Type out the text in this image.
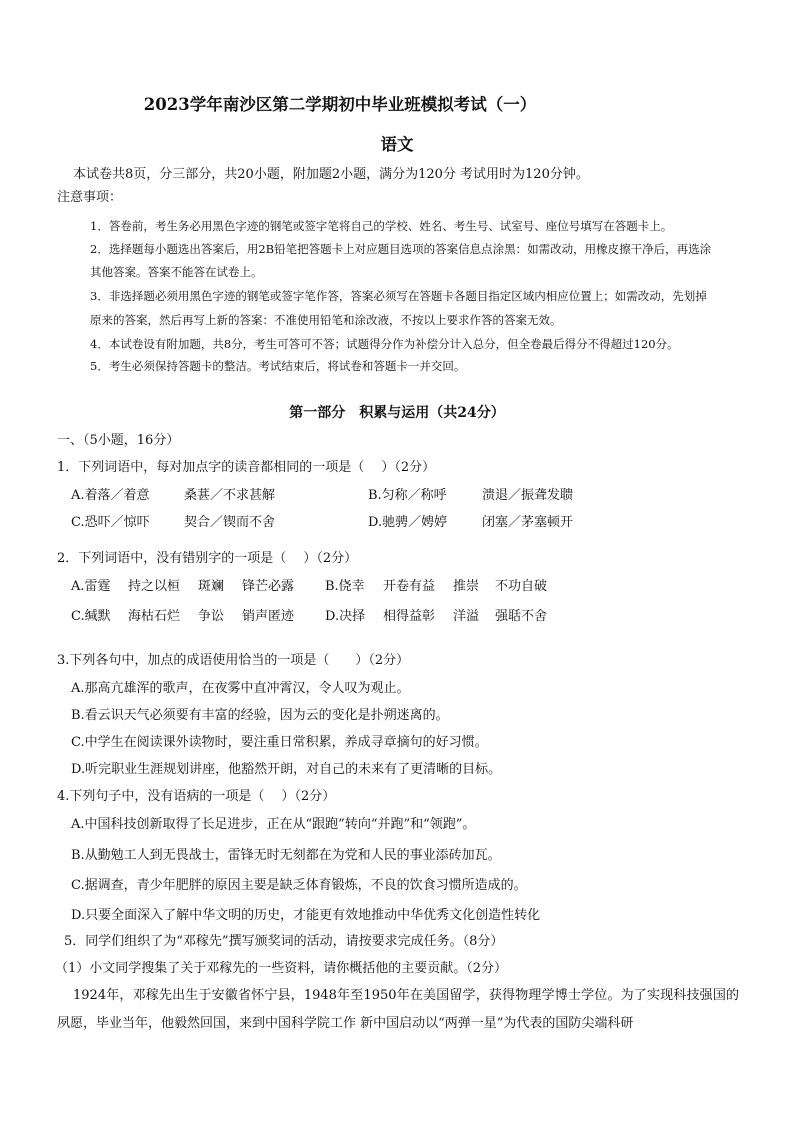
2023学年南沙区第二学期初中毕业班模拟考试（一）
语文
本试卷共8页，分三部分，共20小题，附加题2小题，满分为120分 考试用时为120分钟。
注意事项：
1．答卷前，考生务必用黑色字迹的钢笔或签字笔将自己的学校、姓名、考生号、试室号、座位号填写在答题卡上。
2．选择题每小题选出答案后，用2B铅笔把答题卡上对应题目选项的答案信息点涂黑：如需改动，用橡皮擦干净后，再选涂
其他答案。答案不能答在试卷上。
3．非选择题必须用黑色字迹的钢笔或签字笔作答，答案必须写在答题卡各题目指定区域内相应位置上；如需改动，先划掉
原来的答案，然后再写上新的答案：不准使用铅笔和涂改液，不按以上要求作答的答案无效。
4．本试卷设有附加题，共8分，考生可答可不答；试题得分作为补偿分计入总分，但全卷最后得分不得超过120分。
5．考生必须保持答题卡的整洁。考试结束后，将试卷和答题卡一并交回。
第一部分　积累与运用（共24分）
一、（5小题，16分）
1．下列词语中，每对加点字的读音都相同的一项是（　 ）（2分）
A.着落／着意	桑葚／不求甚解	B.匀称／称呼	溃退／振聋发聩
C.恐吓／惊吓	契合／锲而不舍	D.驰骋／娉婷	闭塞／茅塞顿开
2．下列词语中，没有错别字的一项是（　 ）（2分）
A.雷霆 持之以桓 斑斓 锋芒必露 B.侥幸 开卷有益 推崇 不功自破
C.缄默 海枯石烂 争讼 销声匿迹 D.决择 相得益彰 洋溢 强聒不舍
3.下列各句中，加点的成语使用恰当的一项是（　　）（2分）
A.那高亢雄浑的歌声，在夜雾中直冲霄汉，令人叹为观止。
B.看云识天气必须要有丰富的经验，因为云的变化是扑朔迷离的。
C.中学生在阅读课外读物时，要注重日常积累，养成寻章摘句的好习惯。
D.听完职业生涯规划讲座，他豁然开朗，对自己的未来有了更清晰的目标。
4.下列句子中，没有语病的一项是（　 ）（2分）
A.中国科技创新取得了长足进步，正在从“跟跑”转向“并跑”和“领跑”。
B.从勤勉工人到无畏战士，雷锋无时无刻都在为党和人民的事业添砖加瓦。
C.据调查，青少年肥胖的原因主要是缺乏体育锻炼，不良的饮食习惯所造成的。
D.只要全面深入了解中华文明的历史，才能更有效地推动中华优秀文化创造性转化
5．同学们组织了为“邓稼先”撰写颁奖词的活动，请按要求完成任务。（8分）
（1）小文同学搜集了关于邓稼先的一些资料，请你概括他的主要贡献。（2分）
1924年，邓稼先出生于安徽省怀宁县，1948年至1950年在美国留学，获得物理学博士学位。为了实现科技强国的夙愿，毕业当年，他毅然回国，来到中国科学院工作 新中国启动以“两弹一星”为代表的国防尖端科研
